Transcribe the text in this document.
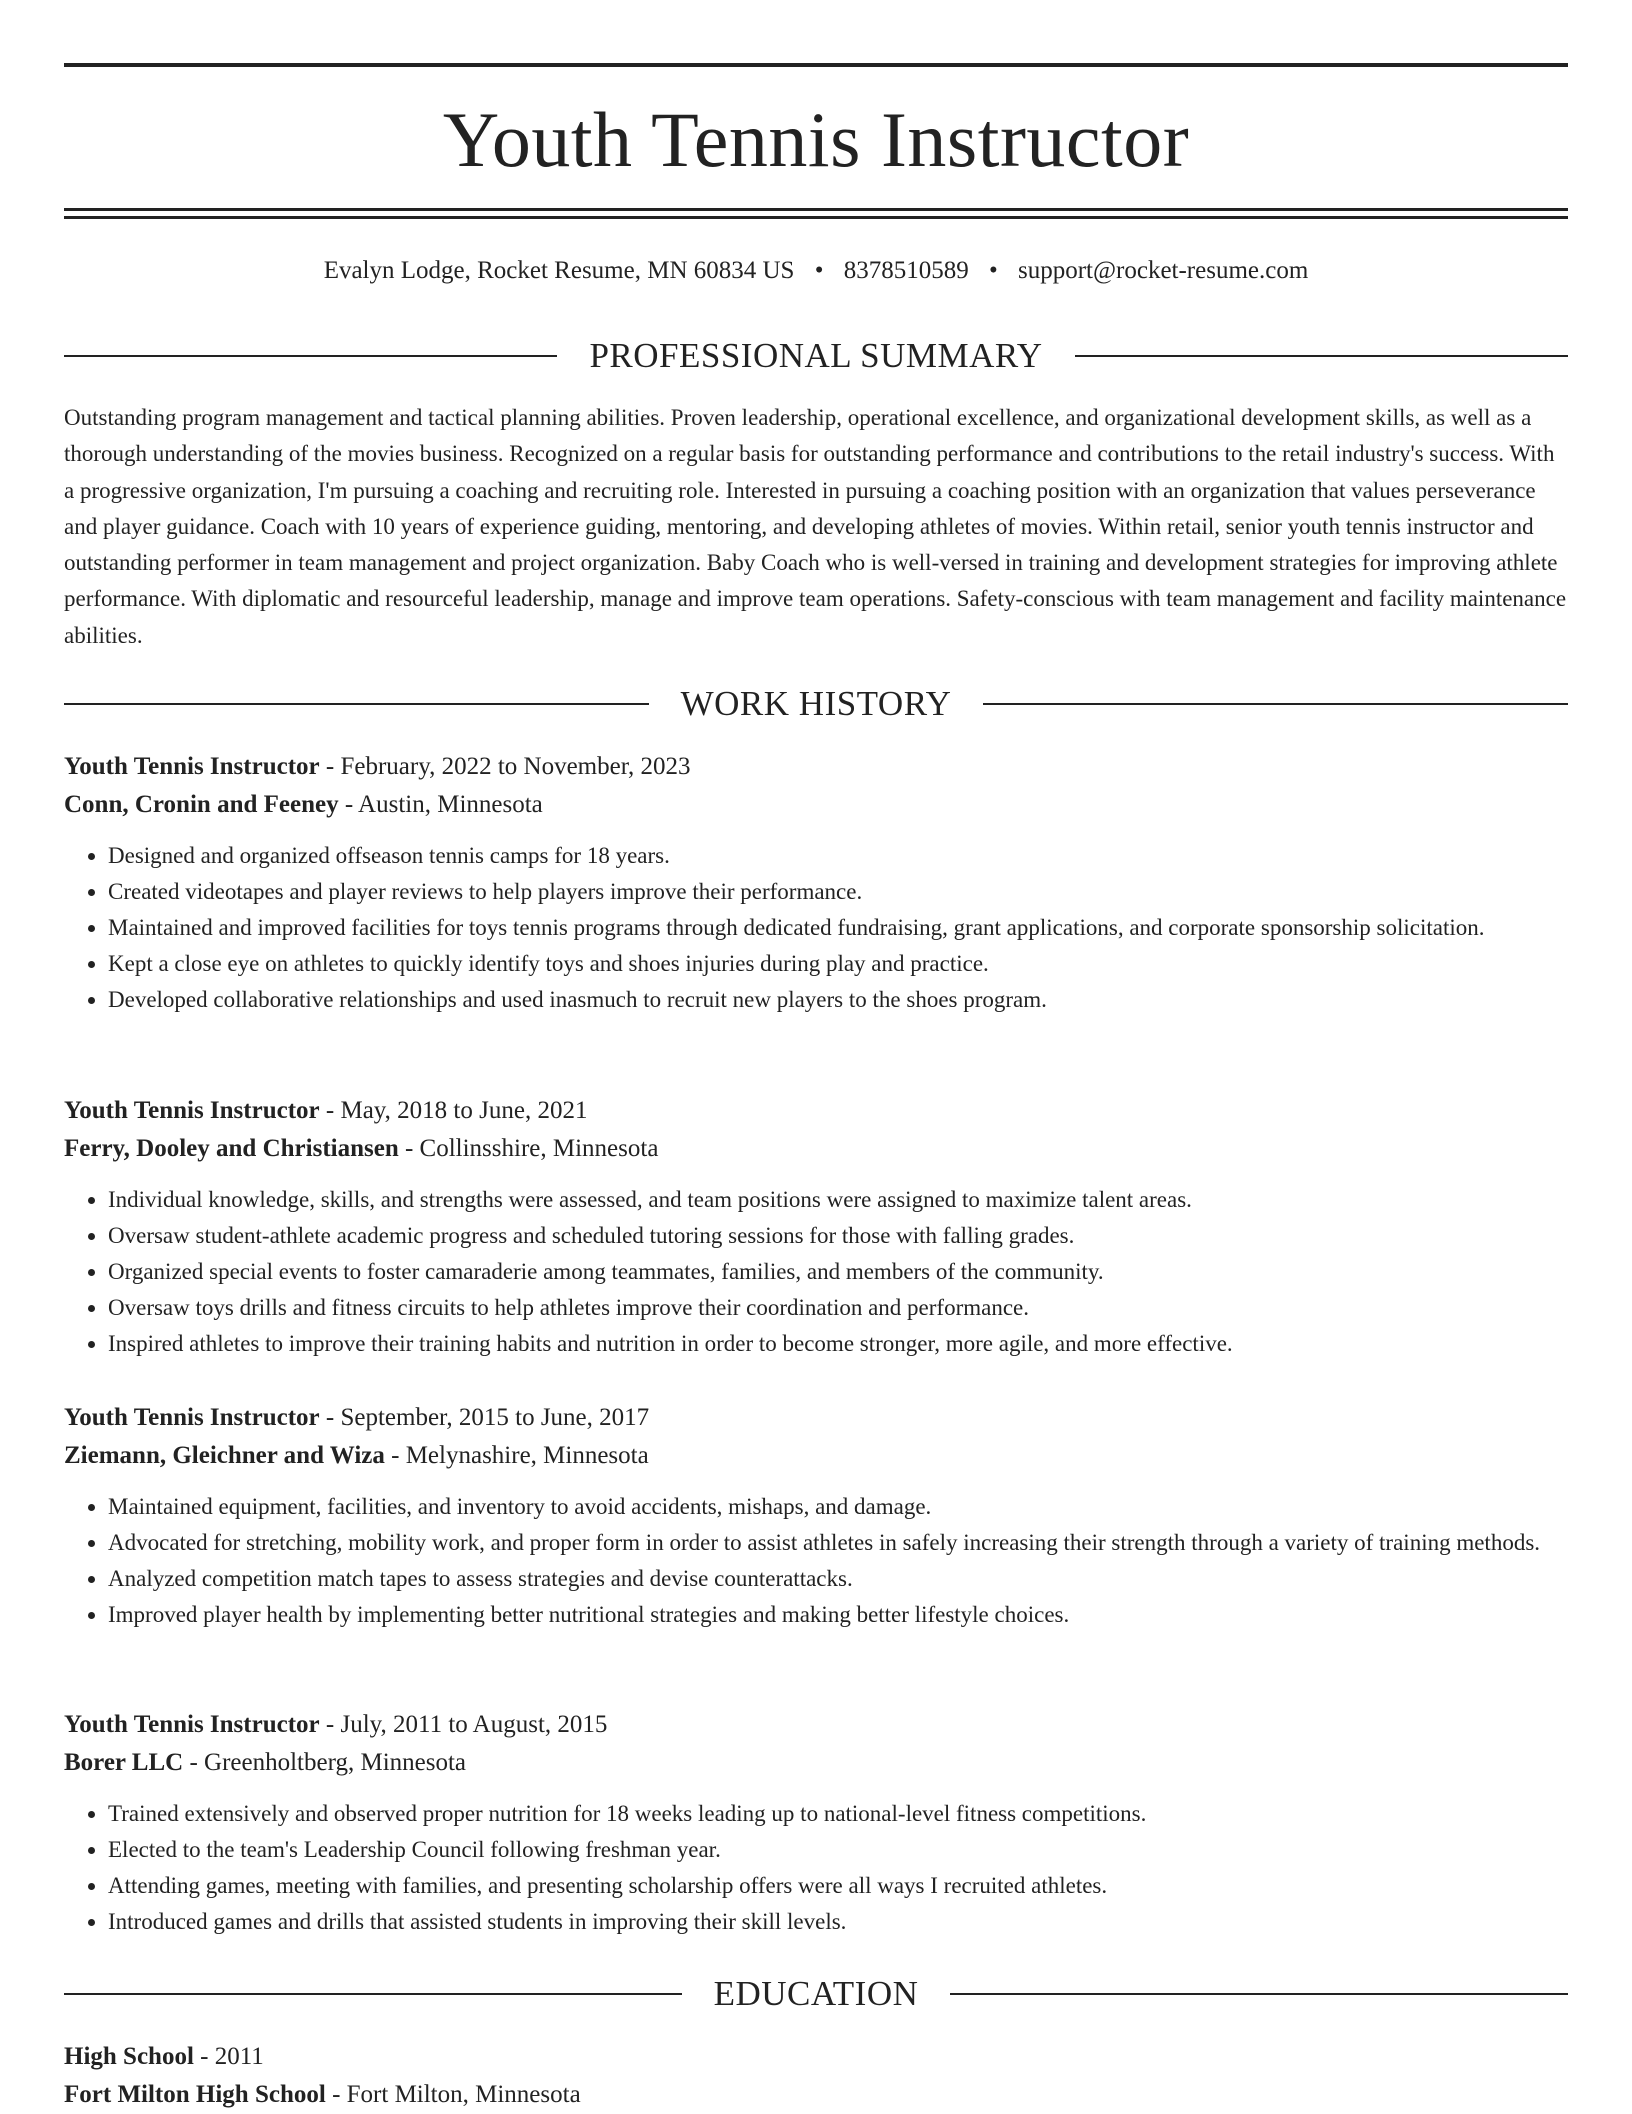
Youth Tennis Instructor
Evalyn Lodge, Rocket Resume, MN 60834 US • 8378510589 • support@rocket-resume.com
PROFESSIONAL SUMMARY

Outstanding program management and tactical planning abilities. Proven leadership, operational excellence, and organizational development skills, as well as a thorough understanding of the movies business. Recognized on a regular basis for outstanding performance and contributions to the retail industry's success. With a progressive organization, I'm pursuing a coaching and recruiting role. Interested in pursuing a coaching position with an organization that values perseverance and player guidance. Coach with 10 years of experience guiding, mentoring, and developing athletes of movies. Within retail, senior youth tennis instructor and outstanding performer in team management and project organization. Baby Coach who is well-versed in training and development strategies for improving athlete performance. With diplomatic and resourceful leadership, manage and improve team operations. Safety-conscious with team management and facility maintenance abilities.

WORK HISTORY
Youth Tennis Instructor - February, 2022 to November, 2023
Conn, Cronin and Feeney - Austin, Minnesota
• Designed and organized offseason tennis camps for 18 years.
• Created videotapes and player reviews to help players improve their performance.
• Maintained and improved facilities for toys tennis programs through dedicated fundraising, grant applications, and corporate sponsorship solicitation.
• Kept a close eye on athletes to quickly identify toys and shoes injuries during play and practice.
• Developed collaborative relationships and used inasmuch to recruit new players to the shoes program.
Youth Tennis Instructor - May, 2018 to June, 2021
Ferry, Dooley and Christiansen - Collinsshire, Minnesota
• Individual knowledge, skills, and strengths were assessed, and team positions were assigned to maximize talent areas.
• Oversaw student-athlete academic progress and scheduled tutoring sessions for those with falling grades.
• Organized special events to foster camaraderie among teammates, families, and members of the community.
• Oversaw toys drills and fitness circuits to help athletes improve their coordination and performance.
• Inspired athletes to improve their training habits and nutrition in order to become stronger, more agile, and more effective.
Youth Tennis Instructor - September, 2015 to June, 2017
Ziemann, Gleichner and Wiza - Melynashire, Minnesota
• Maintained equipment, facilities, and inventory to avoid accidents, mishaps, and damage.
• Advocated for stretching, mobility work, and proper form in order to assist athletes in safely increasing their strength through a variety of training methods.
• Analyzed competition match tapes to assess strategies and devise counterattacks.
• Improved player health by implementing better nutritional strategies and making better lifestyle choices.
Youth Tennis Instructor - July, 2011 to August, 2015
Borer LLC - Greenholtberg, Minnesota
• Trained extensively and observed proper nutrition for 18 weeks leading up to national-level fitness competitions.
• Elected to the team's Leadership Council following freshman year.
• Attending games, meeting with families, and presenting scholarship offers were all ways I recruited athletes.
• Introduced games and drills that assisted students in improving their skill levels.
EDUCATION
High School - 2011
Fort Milton High School - Fort Milton, Minnesota
